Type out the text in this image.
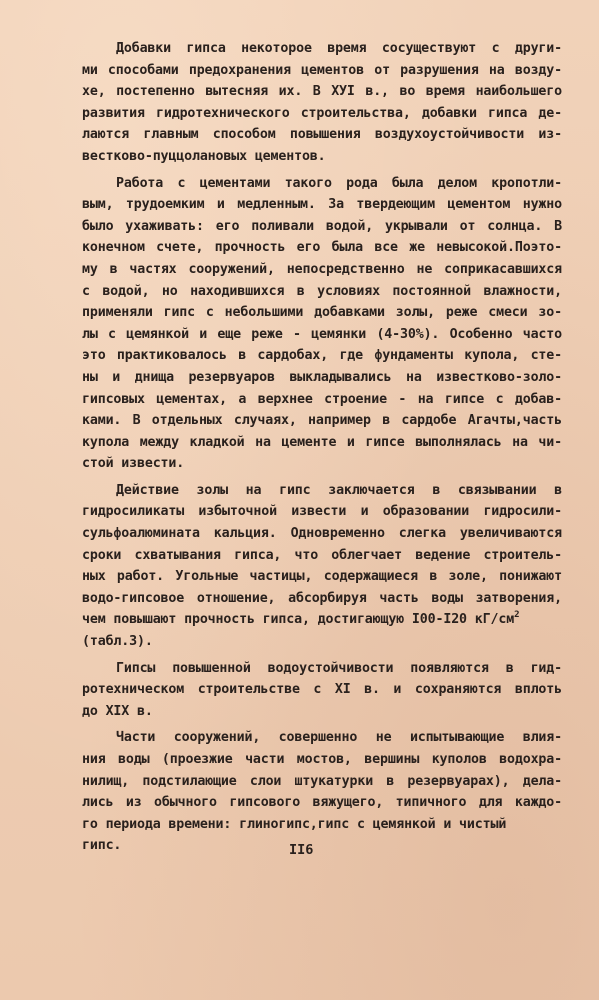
Добавки гипса некоторое время сосуществуют с други-
ми способами предохранения цементов от разрушения на возду-
хе, постепенно вытесняя их. В XУI в., во время наибольшего
развития гидротехнического строительства, добавки гипса де-
лаются главным способом повышения воздухоустойчивости из-
вестково-пуццолановых цементов.
Работа с цементами такого рода была делом кропотли-
вым, трудоемким и медленным. За твердеющим цементом нужно
было ухаживать: его поливали водой, укрывали от солнца. В
конечном счете, прочность его была все же невысокой.Поэто-
му в частях сооружений, непосредственно не соприкасавшихся
с водой, но находившихся в условиях постоянной влажности,
применяли гипс с небольшими добавками золы, реже смеси зо-
лы с цемянкой и еще реже - цемянки (4-30%). Особенно часто
это практиковалось в сардобах, где фундаменты купола, сте-
ны и днища резервуаров выкладывались на известково-золо-
гипсовых цементах, а верхнее строение - на гипсе с добав-
ками. В отдельных случаях, например в сардобе Агачты,часть
купола между кладкой на цементе и гипсе выполнялась на чи-
стой извести.
Действие золы на гипс заключается в связывании в
гидросиликаты избыточной извести и образовании гидросили-
сульфоалюмината кальция. Одновременно слегка увеличиваются
сроки схватывания гипса, что облегчает ведение строитель-
ных работ. Угольные частицы, содержащиеся в золе, понижают
водо-гипсовое отношение, абсорбируя часть воды затворения,
чем повышают прочность гипса, достигающую I00-I20 $кГ/см^2$
(табл.3).
Гипсы повышенной водоустойчивости появляются в гид-
ротехническом строительстве с XI в. и сохраняются вплоть
до XIX в.
Части сооружений, совершенно не испытывающие влия-
ния воды (проезжие части мостов, вершины куполов водохра-
нилищ, подстилающие слои штукатурки в резервуарах), дела-
лись из обычного гипсового вяжущего, типичного для каждо-
го периода времени: глиногипс,гипс с цемянкой и чистый
гипс.	II6
